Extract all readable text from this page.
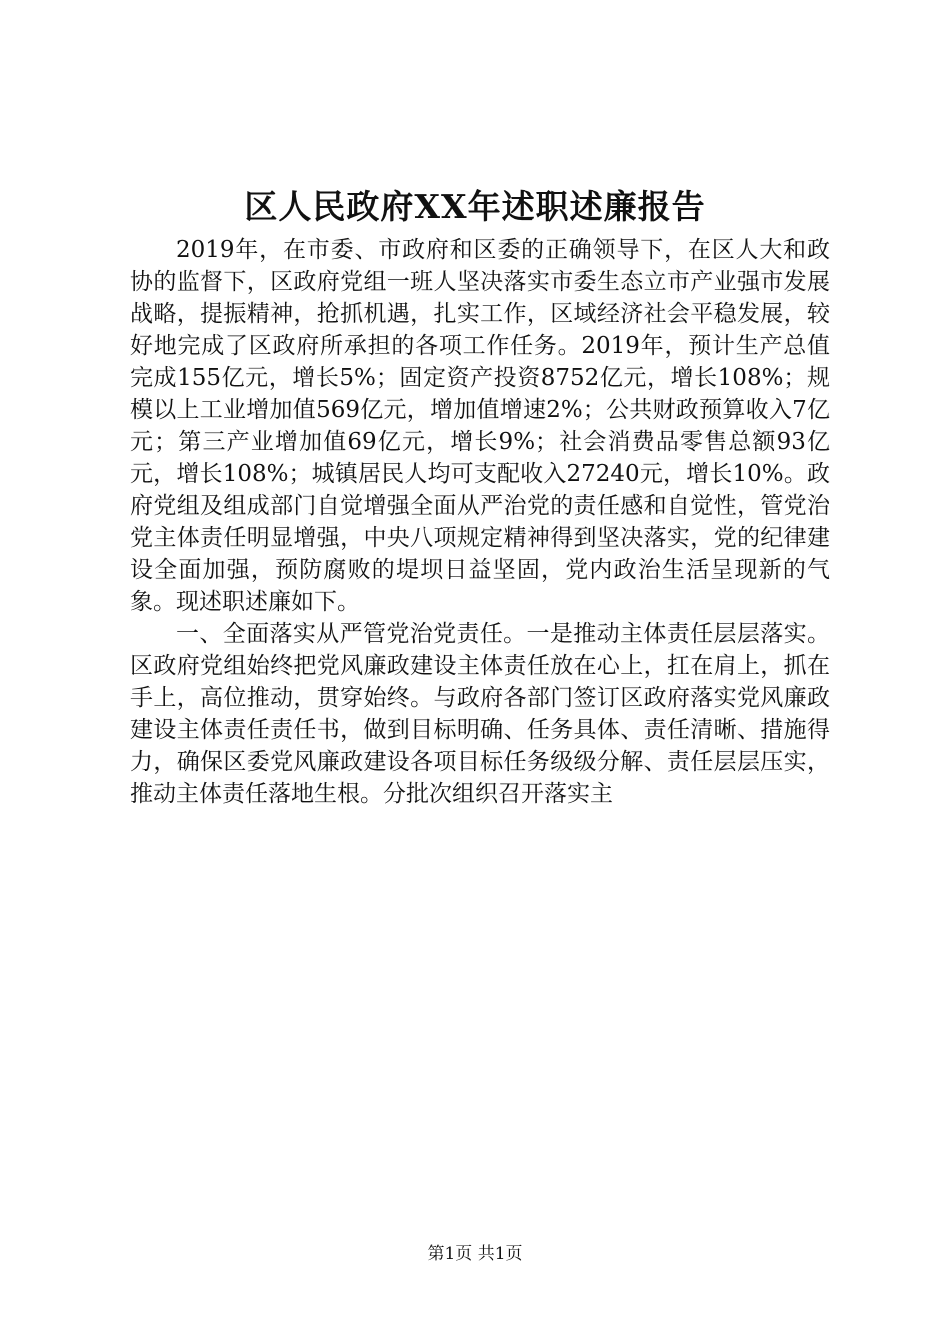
区人民政府XX年述职述廉报告

2019年，在市委、市政府和区委的正确领导下，在区人大和政协的监督下，区政府党组一班人坚决落实市委生态立市产业强市发展战略，提振精神，抢抓机遇，扎实工作，区域经济社会平稳发展，较好地完成了区政府所承担的各项工作任务。2019年，预计生产总值完成155亿元，增长5%；固定资产投资8752亿元，增长108%；规模以上工业增加值569亿元，增加值增速2%；公共财政预算收入7亿元；第三产业增加值69亿元，增长9%；社会消费品零售总额93亿元，增长108%；城镇居民人均可支配收入27240元，增长10%。政府党组及组成部门自觉增强全面从严治党的责任感和自觉性，管党治党主体责任明显增强，中央八项规定精神得到坚决落实，党的纪律建设全面加强，预防腐败的堤坝日益坚固，党内政治生活呈现新的气象。现述职述廉如下。

一、全面落实从严管党治党责任。一是推动主体责任层层落实。区政府党组始终把党风廉政建设主体责任放在心上，扛在肩上，抓在手上，高位推动，贯穿始终。与政府各部门签订区政府落实党风廉政建设主体责任责任书，做到目标明确、任务具体、责任清晰、措施得力，确保区委党风廉政建设各项目标任务级级分解、责任层层压实，推动主体责任落地生根。分批次组织召开落实主

第1页 共1页
